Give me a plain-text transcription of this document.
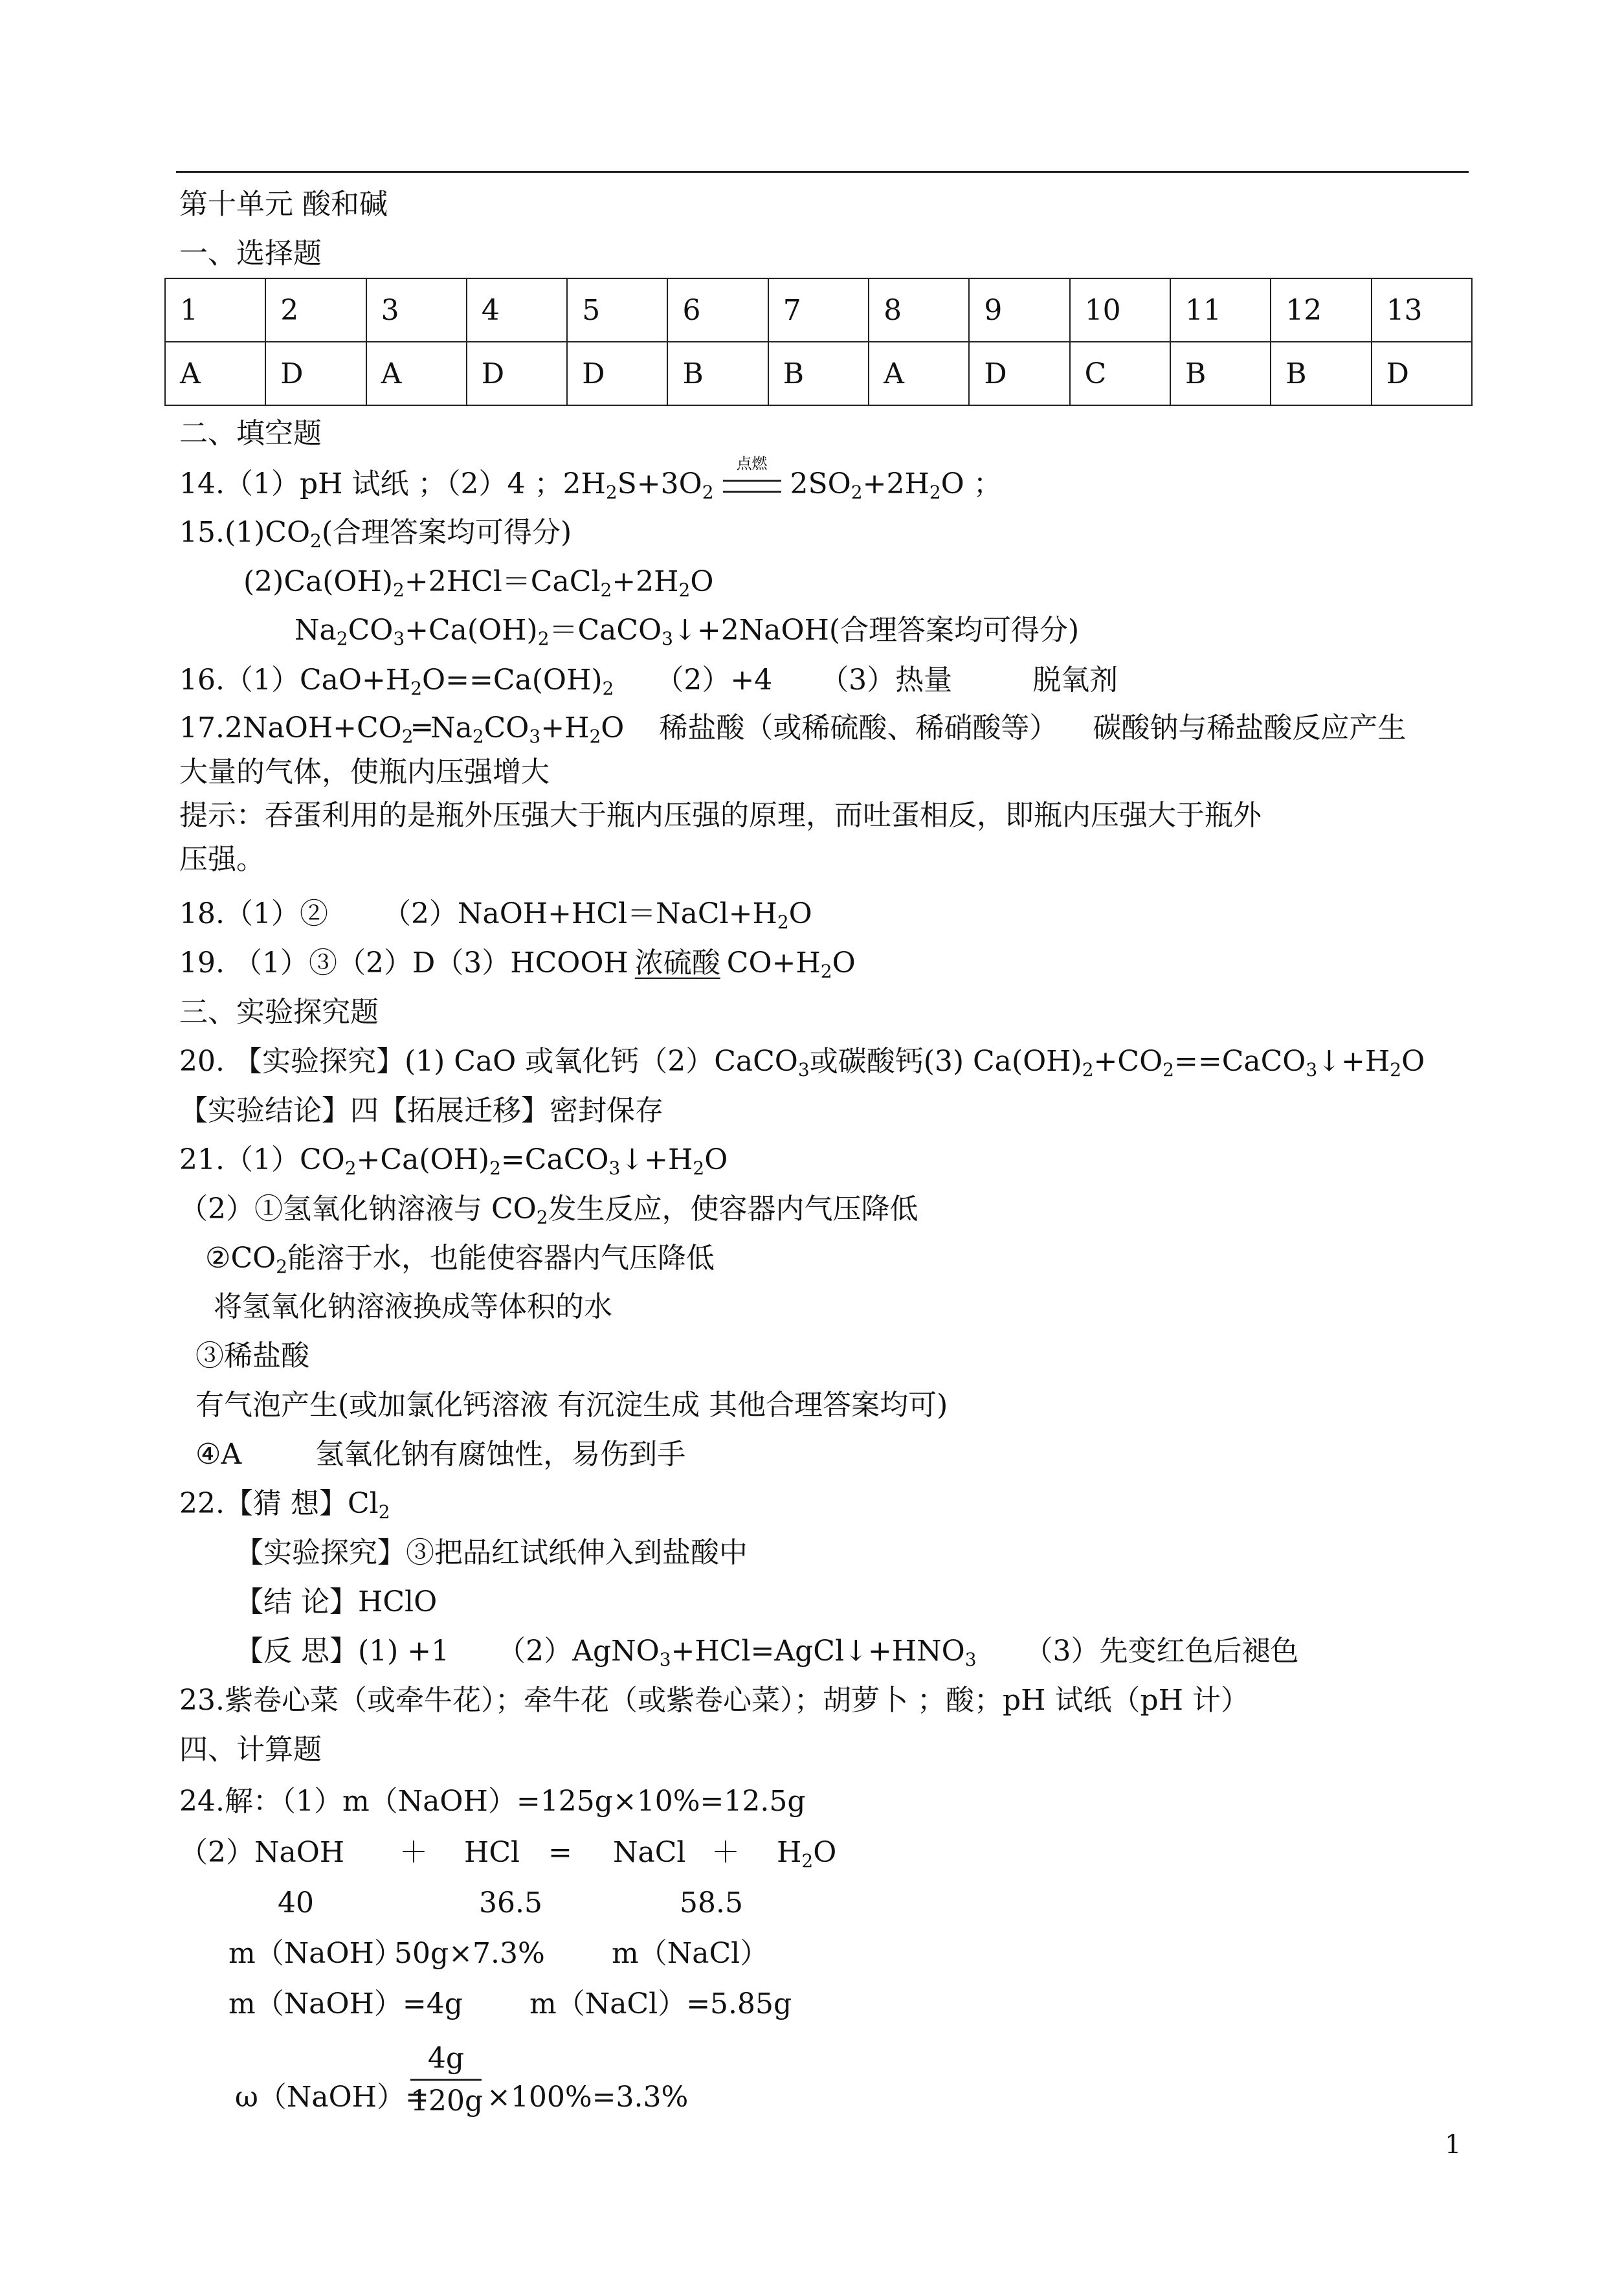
第十单元 酸和碱
一、选择题
1	2	3	4	5	6	7	8	9	10	11	12	13
A	D	A	D	D	B	B	A	D	C	B	B	D
二、填空题
14.（1）pH 试纸 ；（2）4 ；$2H_2S+3O_2$
点燃
$2SO_2+2H_2O$ ；
$15.(1)CO_2$(合理答案均可得分)
$(2)Ca(OH)_2+2HCl=CaCl_2+2H_2O$
$Na_2CO_3+Ca(OH)_2=CaCO_3↓+2NaOH$(合理答案均可得分)
$16.(1)CaO+H_2O==Ca(OH)_2$ （2）+4 （3）热量	脱氧剂
$17.2NaOH+CO_2═Na_2CO_3+H_2O$ 稀盐酸（或稀硫酸、稀硝酸等） 碳酸钠与稀盐酸反应产生
大量的气体，使瓶内压强增大
提示：吞蛋利用的是瓶外压强大于瓶内压强的原理，而吐蛋相反，即瓶内压强大于瓶外
压强。
18.（1）② $(2)NaOH+HCl=NaCl+H_2O$
19. （1）③（2）D（3）HCOOH 浓硫酸 $CO+H_2O$
三、实验探究题
20. 【实验探究】(1) CaO 或氧化钙（2）CaCO$_3$或碳酸钙(3) $Ca(OH)_2+CO_2==CaCO_3↓+H_2O$
【实验结论】四【拓展迁移】密封保存
$21.(1)CO_2+Ca(OH)_2=CaCO_3↓+H_2O$
（2）①氢氧化钠溶液与 $CO_2$发生反应，使容器内气压降低
$②CO_2$能溶于水，也能使容器内气压降低
将氢氧化钠溶液换成等体积的水
③稀盐酸
有气泡产生(或加氯化钙溶液 有沉淀生成 其他合理答案均可)
④A	氢氧化钠有腐蚀性，易伤到手
22.【猜 想】$Cl_2$
【实验探究】③把品红试纸伸入到盐酸中
【结 论】HClO
【反 思】(1) +1 $(2)AgNO_3+HCl=AgCl↓+HNO_3$ （3）先变红色后褪色
23.紫卷心菜（或牵牛花）；牵牛花（或紫卷心菜）；胡萝卜 ；酸；pH 试纸（pH 计）
四、计算题
24.解：（1）m（NaOH）=125g×10%=12.5g
（2）NaOH ＋ HCl = NaCl ＋ $H_2O$
40	36.5	58.5
m（NaOH）
50g×7.3% m（NaCl）
m（NaOH）=4g m（NaCl）=5.85g
ω（NaOH）=
4g
120g ×100%=3.3%
1
